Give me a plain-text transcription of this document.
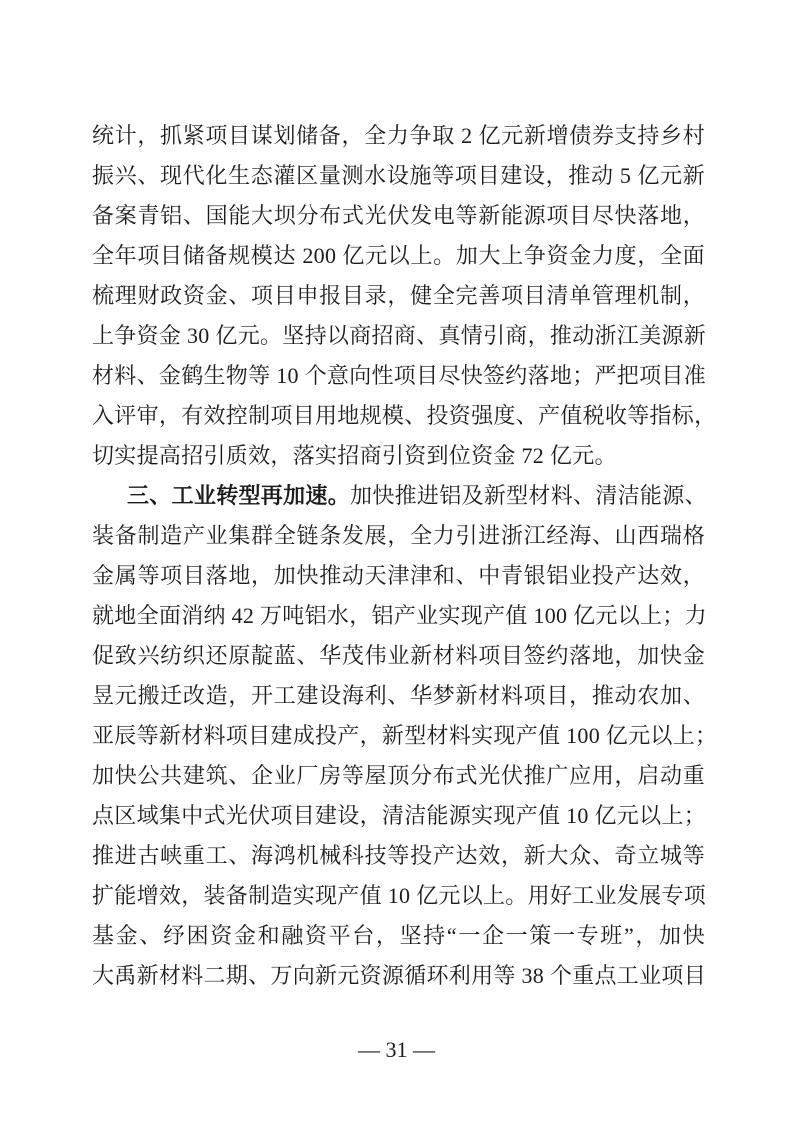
统计，抓紧项目谋划储备，全力争取 2 亿元新增债券支持乡村
振兴、现代化生态灌区量测水设施等项目建设，推动 5 亿元新
备案青铝、国能大坝分布式光伏发电等新能源项目尽快落地，
全年项目储备规模达 200 亿元以上。加大上争资金力度，全面
梳理财政资金、项目申报目录，健全完善项目清单管理机制，
上争资金 30 亿元。坚持以商招商、真情引商，推动浙江美源新
材料、金鹤生物等 10 个意向性项目尽快签约落地；严把项目准
入评审，有效控制项目用地规模、投资强度、产值税收等指标，
切实提高招引质效，落实招商引资到位资金 72 亿元。
三、工业转型再加速。加快推进铝及新型材料、清洁能源、
装备制造产业集群全链条发展，全力引进浙江经海、山西瑞格
金属等项目落地，加快推动天津津和、中青银铝业投产达效，
就地全面消纳 42 万吨铝水，铝产业实现产值 100 亿元以上；力
促致兴纺织还原靛蓝、华茂伟业新材料项目签约落地，加快金
昱元搬迁改造，开工建设海利、华梦新材料项目，推动农加、
亚辰等新材料项目建成投产，新型材料实现产值 100 亿元以上；
加快公共建筑、企业厂房等屋顶分布式光伏推广应用，启动重
点区域集中式光伏项目建设，清洁能源实现产值 10 亿元以上；
推进古峡重工、海鸿机械科技等投产达效，新大众、奇立城等
扩能增效，装备制造实现产值 10 亿元以上。用好工业发展专项
基金、纾困资金和融资平台，坚持“一企一策一专班”，加快
大禹新材料二期、万向新元资源循环利用等 38 个重点工业项目
— 31 —
